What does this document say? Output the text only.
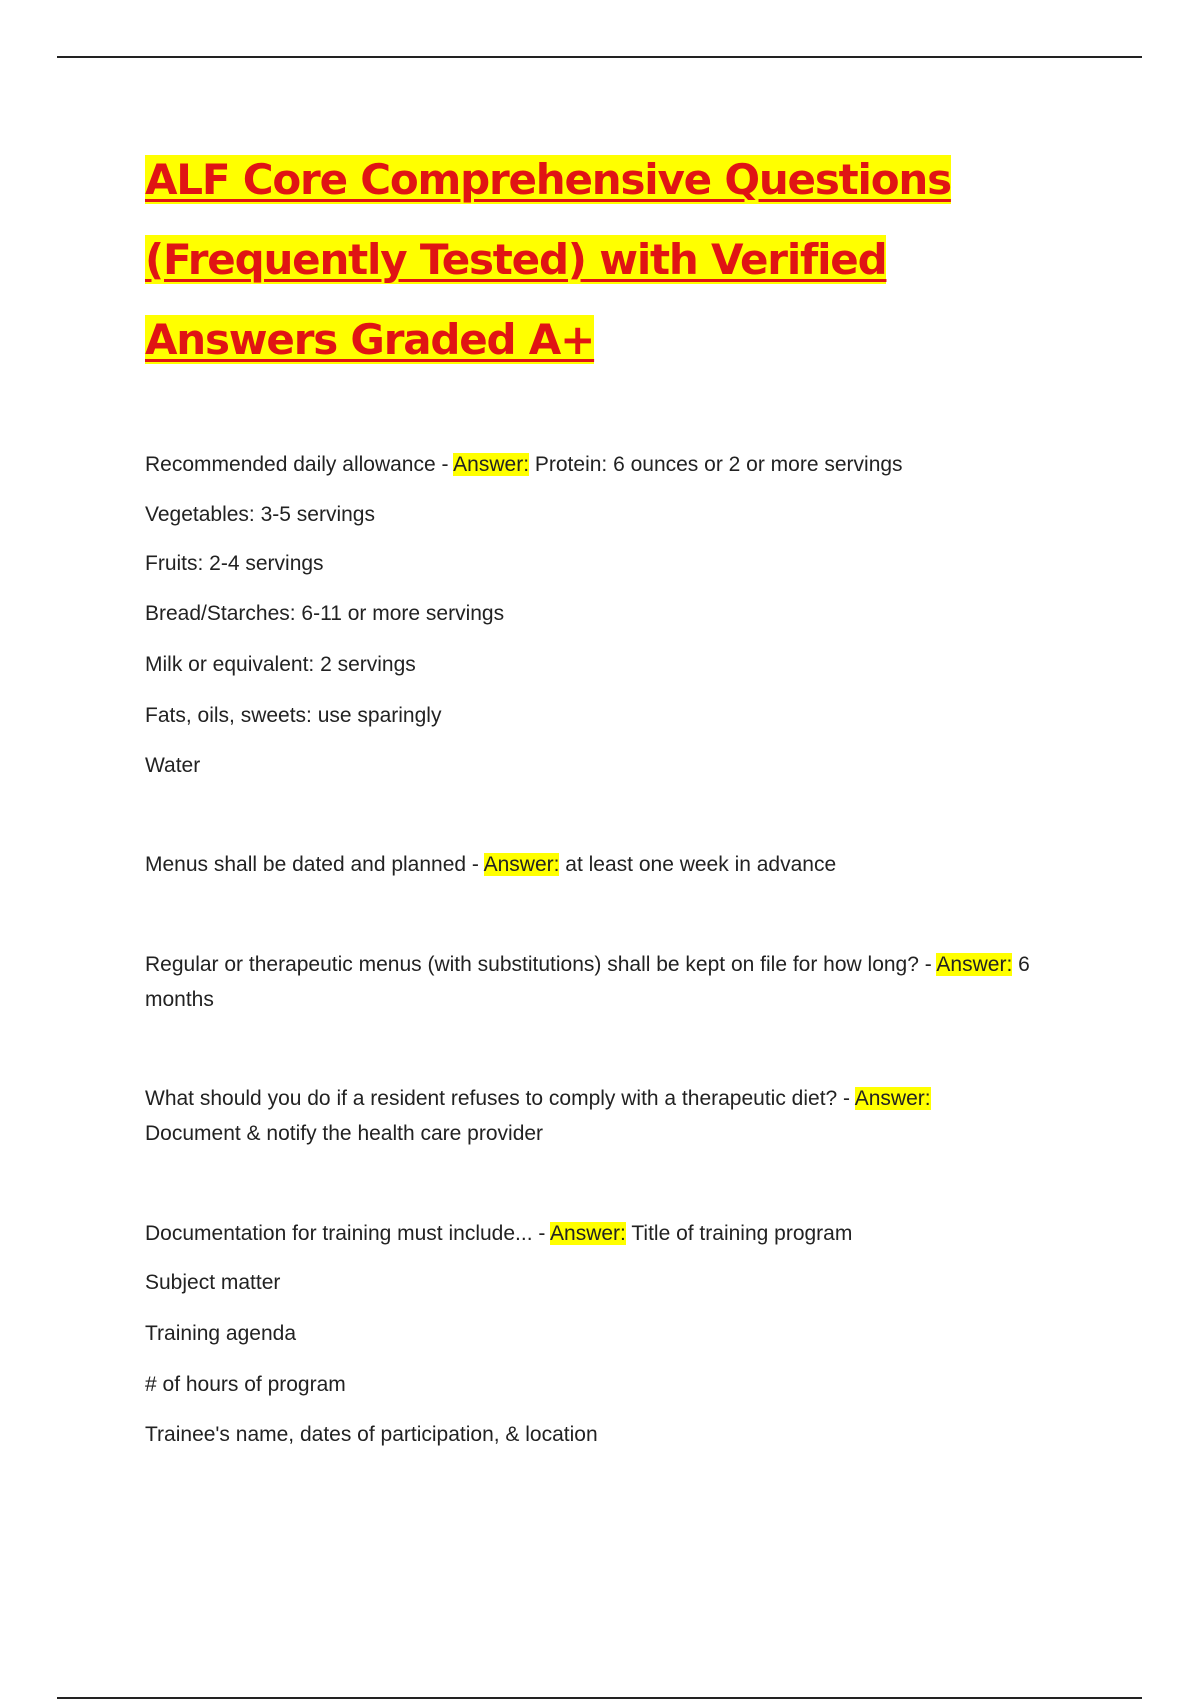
ALF Core Comprehensive Questions
(Frequently Tested) with Verified
Answers Graded A+

Recommended daily allowance - Answer: Protein: 6 ounces or 2 or more servings

Vegetables: 3-5 servings

Fruits: 2-4 servings

Bread/Starches: 6-11 or more servings

Milk or equivalent: 2 servings

Fats, oils, sweets: use sparingly

Water

Menus shall be dated and planned - Answer: at least one week in advance

Regular or therapeutic menus (with substitutions) shall be kept on file for how long? - Answer: 6

months

What should you do if a resident refuses to comply with a therapeutic diet? - Answer:

Document & notify the health care provider

Documentation for training must include... - Answer: Title of training program

Subject matter

Training agenda

# of hours of program

Trainee's name, dates of participation, & location
